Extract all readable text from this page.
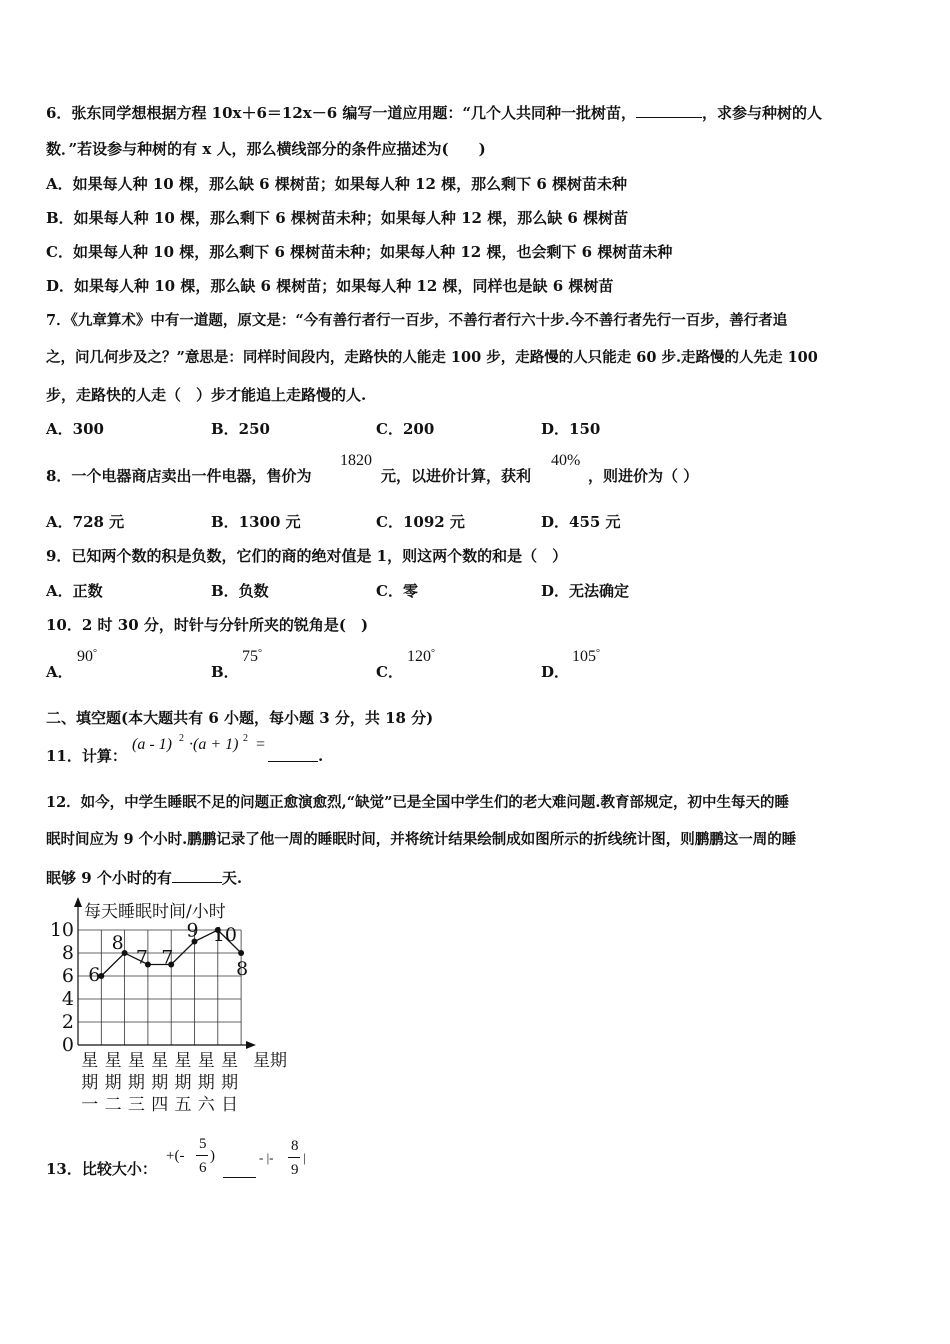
6．张东同学想根据方程 10x＋6＝12x－6 编写一道应用题：“几个人共同种一批树苗，	，求参与种树的人
数．”若设参与种树的有 x 人，那么横线部分的条件应描述为(　　)
A．如果每人种 10 棵，那么缺 6 棵树苗；如果每人种 12 棵，那么剩下 6 棵树苗未种
B．如果每人种 10 棵，那么剩下 6 棵树苗未种；如果每人种 12 棵，那么缺 6 棵树苗
C．如果每人种 10 棵，那么剩下 6 棵树苗未种；如果每人种 12 棵，也会剩下 6 棵树苗未种
D．如果每人种 10 棵，那么缺 6 棵树苗；如果每人种 12 棵，同样也是缺 6 棵树苗
7．《九章算术》中有一道题，原文是：“今有善行者行一百步，不善行者行六十步.今不善行者先行一百步，善行者追
之，问几何步及之？”意思是：同样时间段内，走路快的人能走 100 步，走路慢的人只能走 60 步.走路慢的人先走 100
步，走路快的人走（　）步才能追上走路慢的人.
A．300	B．250	C．200	D．150
8．一个电器商店卖出一件电器，售价为
1820
元，以进价计算，获利
40%
，则进价为（ ）
A．728 元	B．1300 元	C．1092 元	D．455 元
9．已知两个数的积是负数，它们的商的绝对值是 1，则这两个数的和是（　）
A．正数	B．负数	C．零	D．无法确定
10．2 时 30 分，时针与分针所夹的锐角是(　)
A．
90°
B．
75°
C．
120°
D．
105°
二、填空题(本大题共有 6 小题，每小题 3 分，共 18 分)
11．计算：
(a - 1) 2 ·(a + 1) 2 =
.
12．如今，中学生睡眠不足的问题正愈演愈烈,“缺觉”已是全国中学生们的老大难问题.教育部规定，初中生每天的睡
眠时间应为 9 个小时.鹏鹏记录了他一周的睡眠时间，并将统计结果绘制成如图所示的折线统计图，则鹏鹏这一周的睡
眠够 9 个小时的有	天.
0
2
4
6
8
10
6
8
7 7
9 10
8
星 星 星 星 星 星 星
期 期 期 期 期 期 期
一 二 三 四 五 六 日
每天睡眠时间/小时
星期
13．比较大小：
+(-
5
6
)	- |-
8
9
|
